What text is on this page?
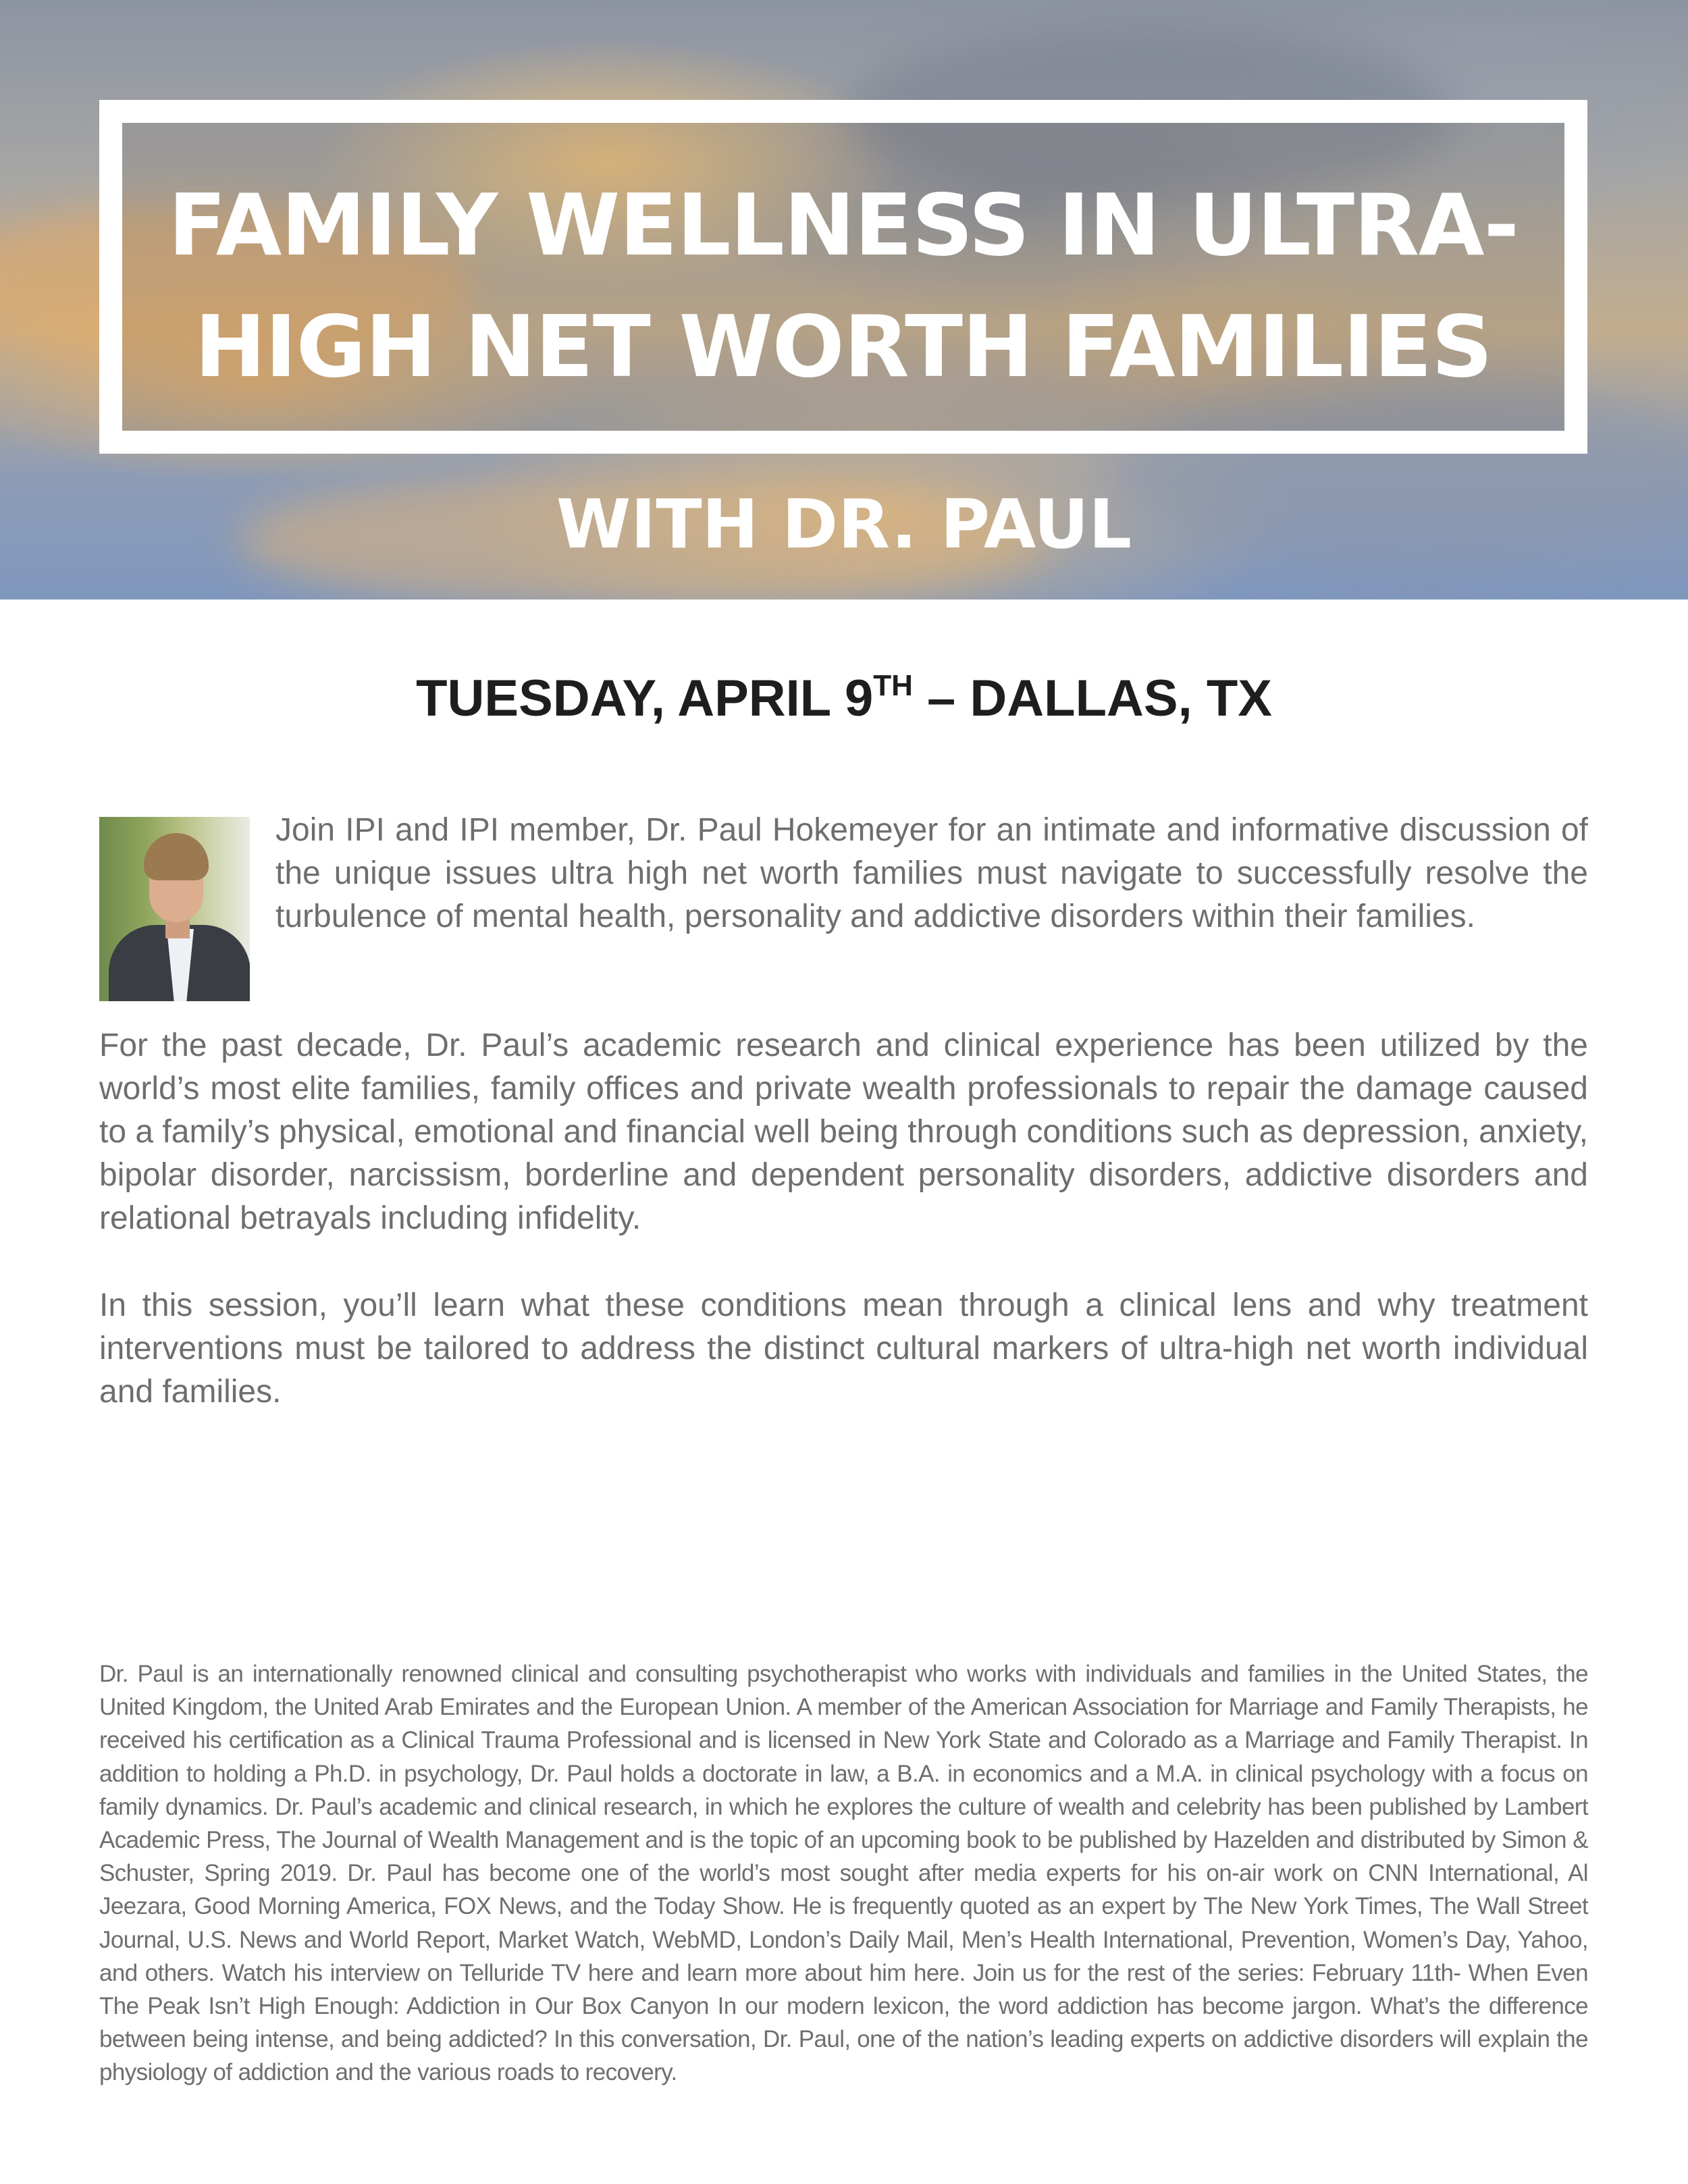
FAMILY WELLNESS IN ULTRA-HIGH NET WORTH FAMILIES
WITH DR. PAUL
TUESDAY, APRIL 9TH – DALLAS, TX

Join IPI and IPI member, Dr. Paul Hokemeyer for an intimate and informative discussion of the unique issues ultra high net worth families must navigate to successfully resolve the turbulence of mental health, personality and addictive disorders within their families.

For the past decade, Dr. Paul’s academic research and clinical experience has been utilized by the world’s most elite families, family offices and private wealth professionals to repair the damage caused to a family’s physical, emotional and financial well being through conditions such as depression, anxiety, bipolar disorder, narcissism, borderline and dependent personality disorders, addictive disorders and relational betrayals including infidelity.

In this session, you’ll learn what these conditions mean through a clinical lens and why treatment interventions must be tailored to address the distinct cultural markers of ultra-high net worth individual and families.

Dr. Paul is an internationally renowned clinical and consulting psychotherapist who works with individuals and families in the United States, the United Kingdom, the United Arab Emirates and the European Union. A member of the American Association for Marriage and Family Therapists, he received his certification as a Clinical Trauma Professional and is licensed in New York State and Colorado as a Marriage and Family Therapist. In addition to holding a Ph.D. in psychology, Dr. Paul holds a doctorate in law, a B.A. in economics and a M.A. in clinical psychology with a focus on family dynamics. Dr. Paul’s academic and clinical research, in which he explores the culture of wealth and celebrity has been published by Lambert Academic Press, The Journal of Wealth Management and is the topic of an upcoming book to be published by Hazelden and distributed by Simon & Schuster, Spring 2019. Dr. Paul has become one of the world’s most sought after media experts for his on-air work on CNN International, Al Jeezara, Good Morning America, FOX News, and the Today Show. He is frequently quoted as an expert by The New York Times, The Wall Street Journal, U.S. News and World Report, Market Watch, WebMD, London’s Daily Mail, Men’s Health International, Prevention, Women’s Day, Yahoo, and others. Watch his interview on Telluride TV here and learn more about him here. Join us for the rest of the series: February 11th- When Even The Peak Isn’t High Enough: Addiction in Our Box Canyon In our modern lexicon, the word addiction has become jargon. What’s the difference between being intense, and being addicted? In this conversation, Dr. Paul, one of the nation’s leading experts on addictive disorders will explain the physiology of addiction and the various roads to recovery.
